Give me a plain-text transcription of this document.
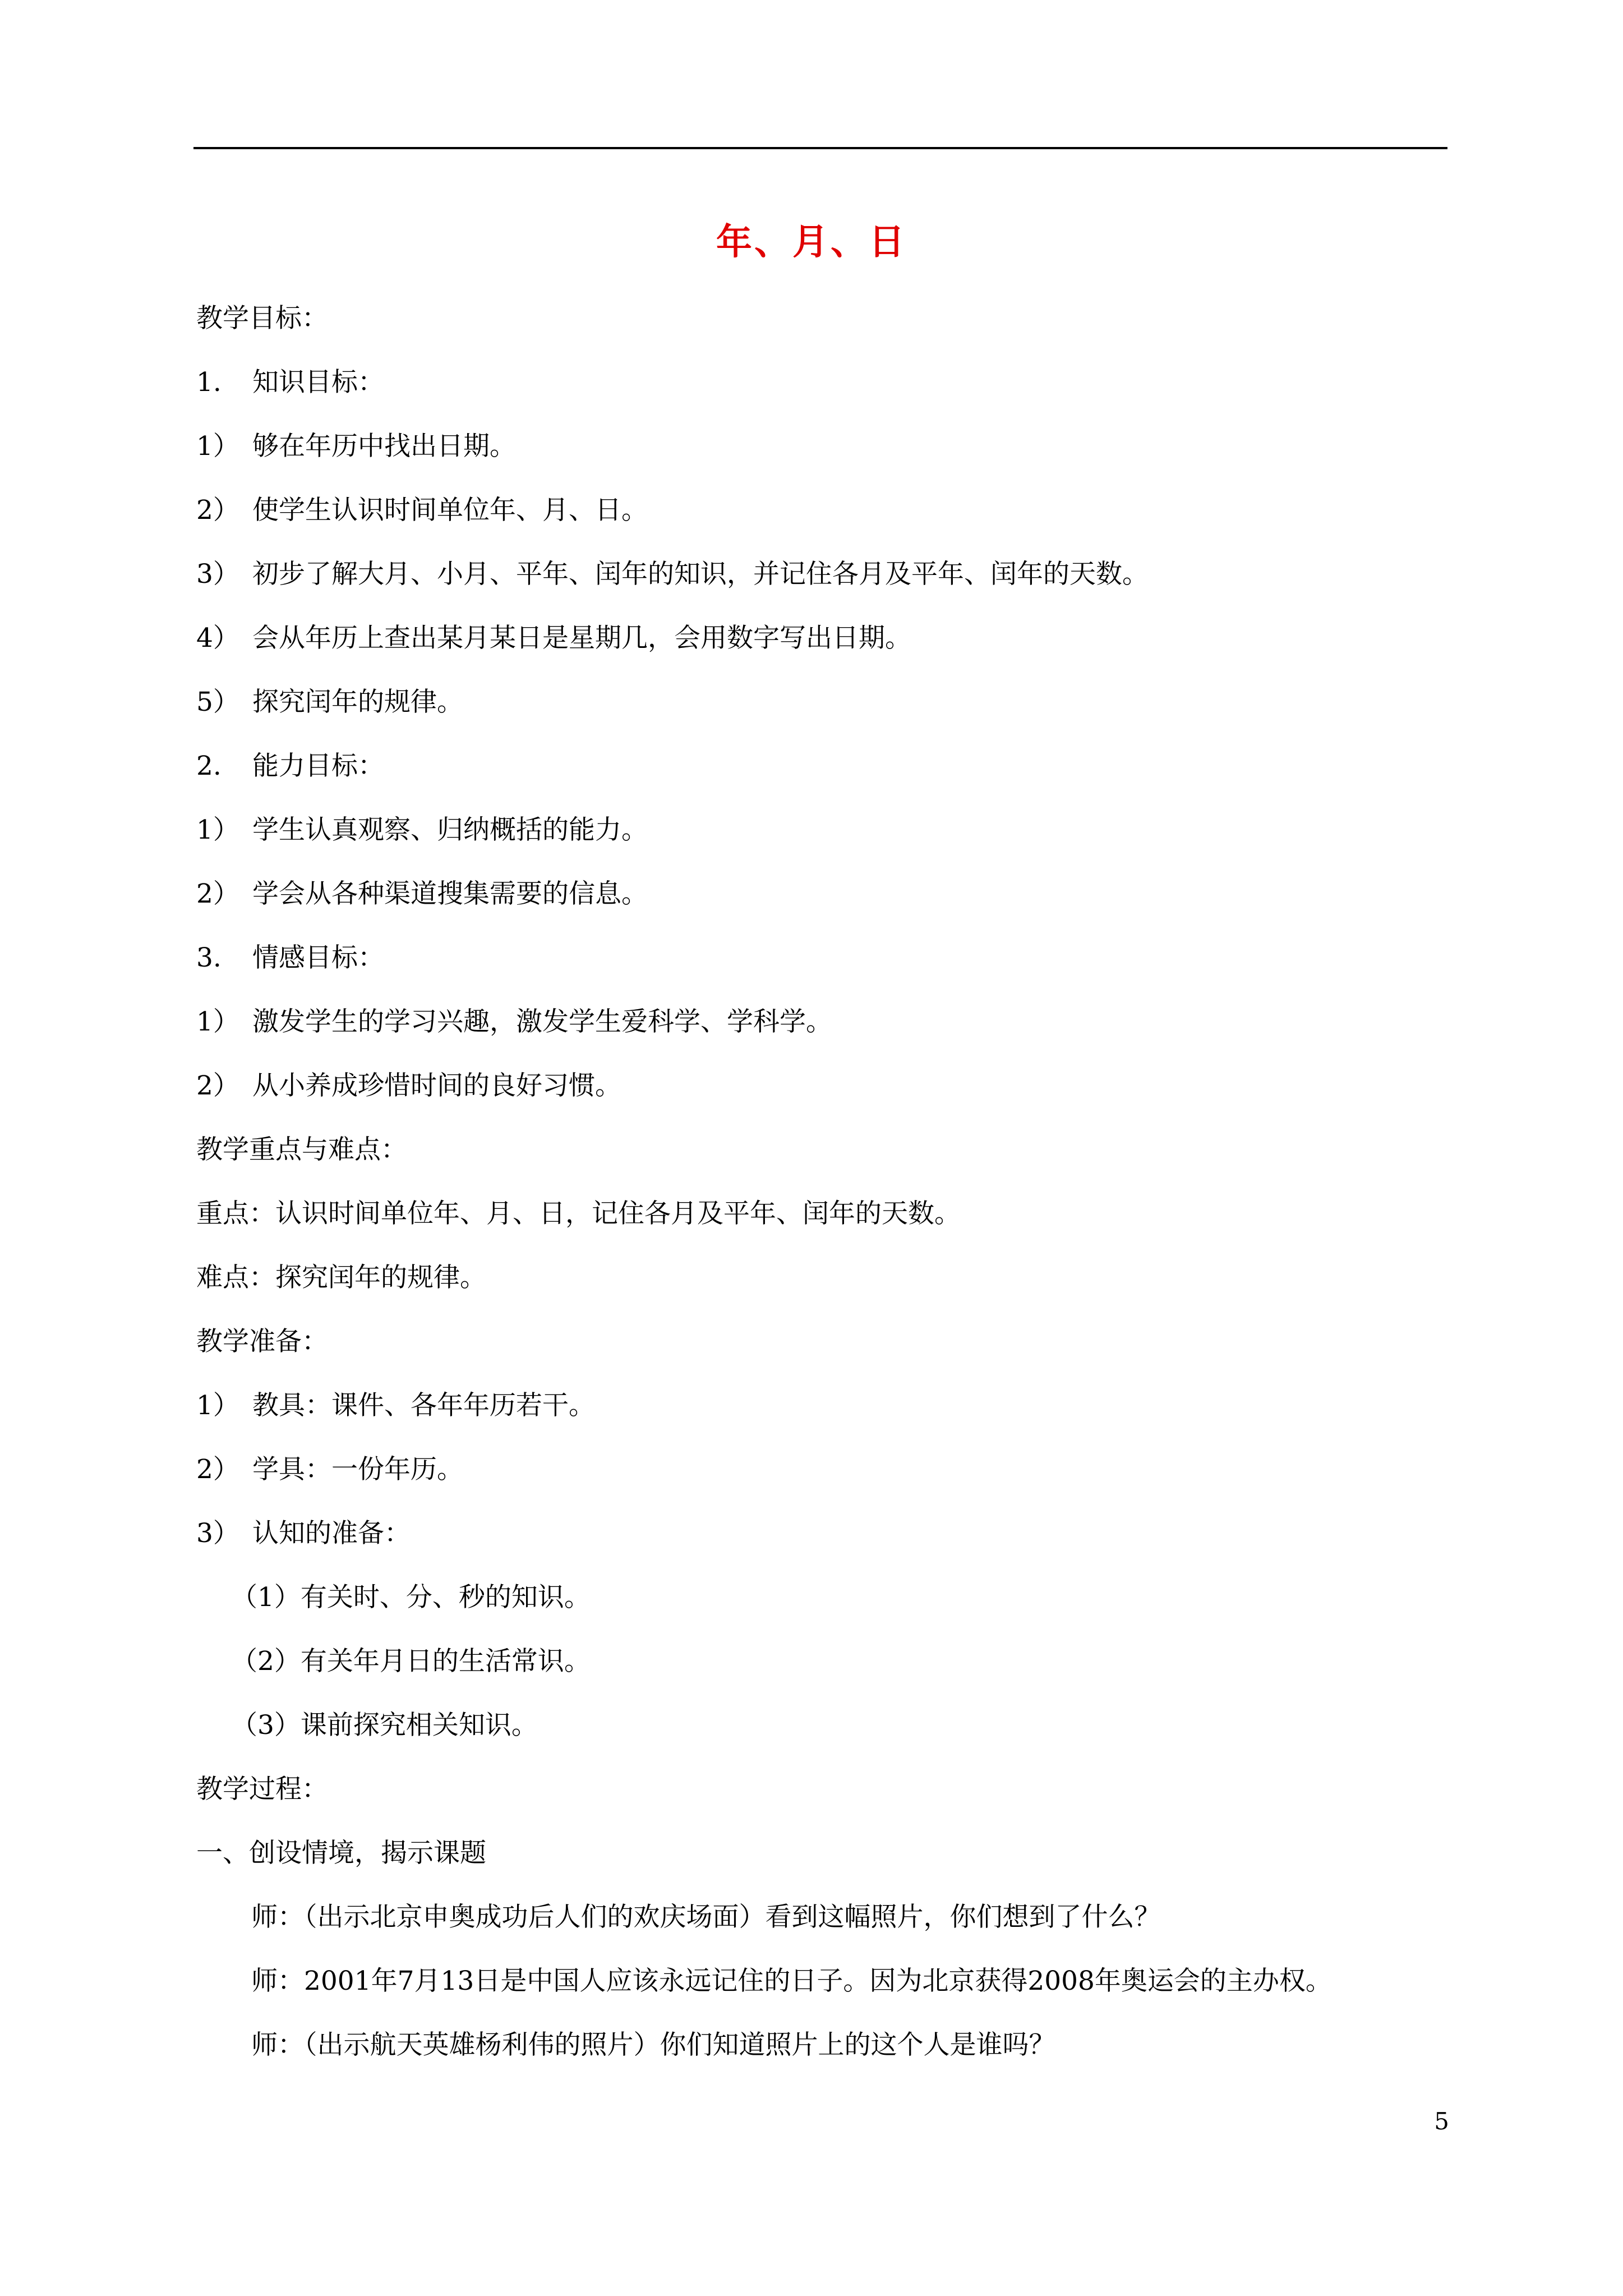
年、月、日
教学目标：
1. 知识目标：
1） 够在年历中找出日期。
2） 使学生认识时间单位年、月、日。
3） 初步了解大月、小月、平年、闰年的知识，并记住各月及平年、闰年的天数。
4） 会从年历上查出某月某日是星期几，会用数字写出日期。
5） 探究闰年的规律。
2. 能力目标：
1） 学生认真观察、归纳概括的能力。
2） 学会从各种渠道搜集需要的信息。
3. 情感目标：
1） 激发学生的学习兴趣，激发学生爱科学、学科学。
2） 从小养成珍惜时间的良好习惯。
教学重点与难点：
重点：认识时间单位年、月、日，记住各月及平年、闰年的天数。
难点：探究闰年的规律。
教学准备：
1） 教具：课件、各年年历若干。
2） 学具：一份年历。
3） 认知的准备：
（1）有关时、分、秒的知识。
（2）有关年月日的生活常识。
（3）课前探究相关知识。
教学过程：
一、创设情境，揭示课题
师：（出示北京申奥成功后人们的欢庆场面）看到这幅照片，你们想到了什么？
师：2001年7月13日是中国人应该永远记住的日子。因为北京获得2008年奥运会的主办权。
师：（出示航天英雄杨利伟的照片）你们知道照片上的这个人是谁吗？
5
